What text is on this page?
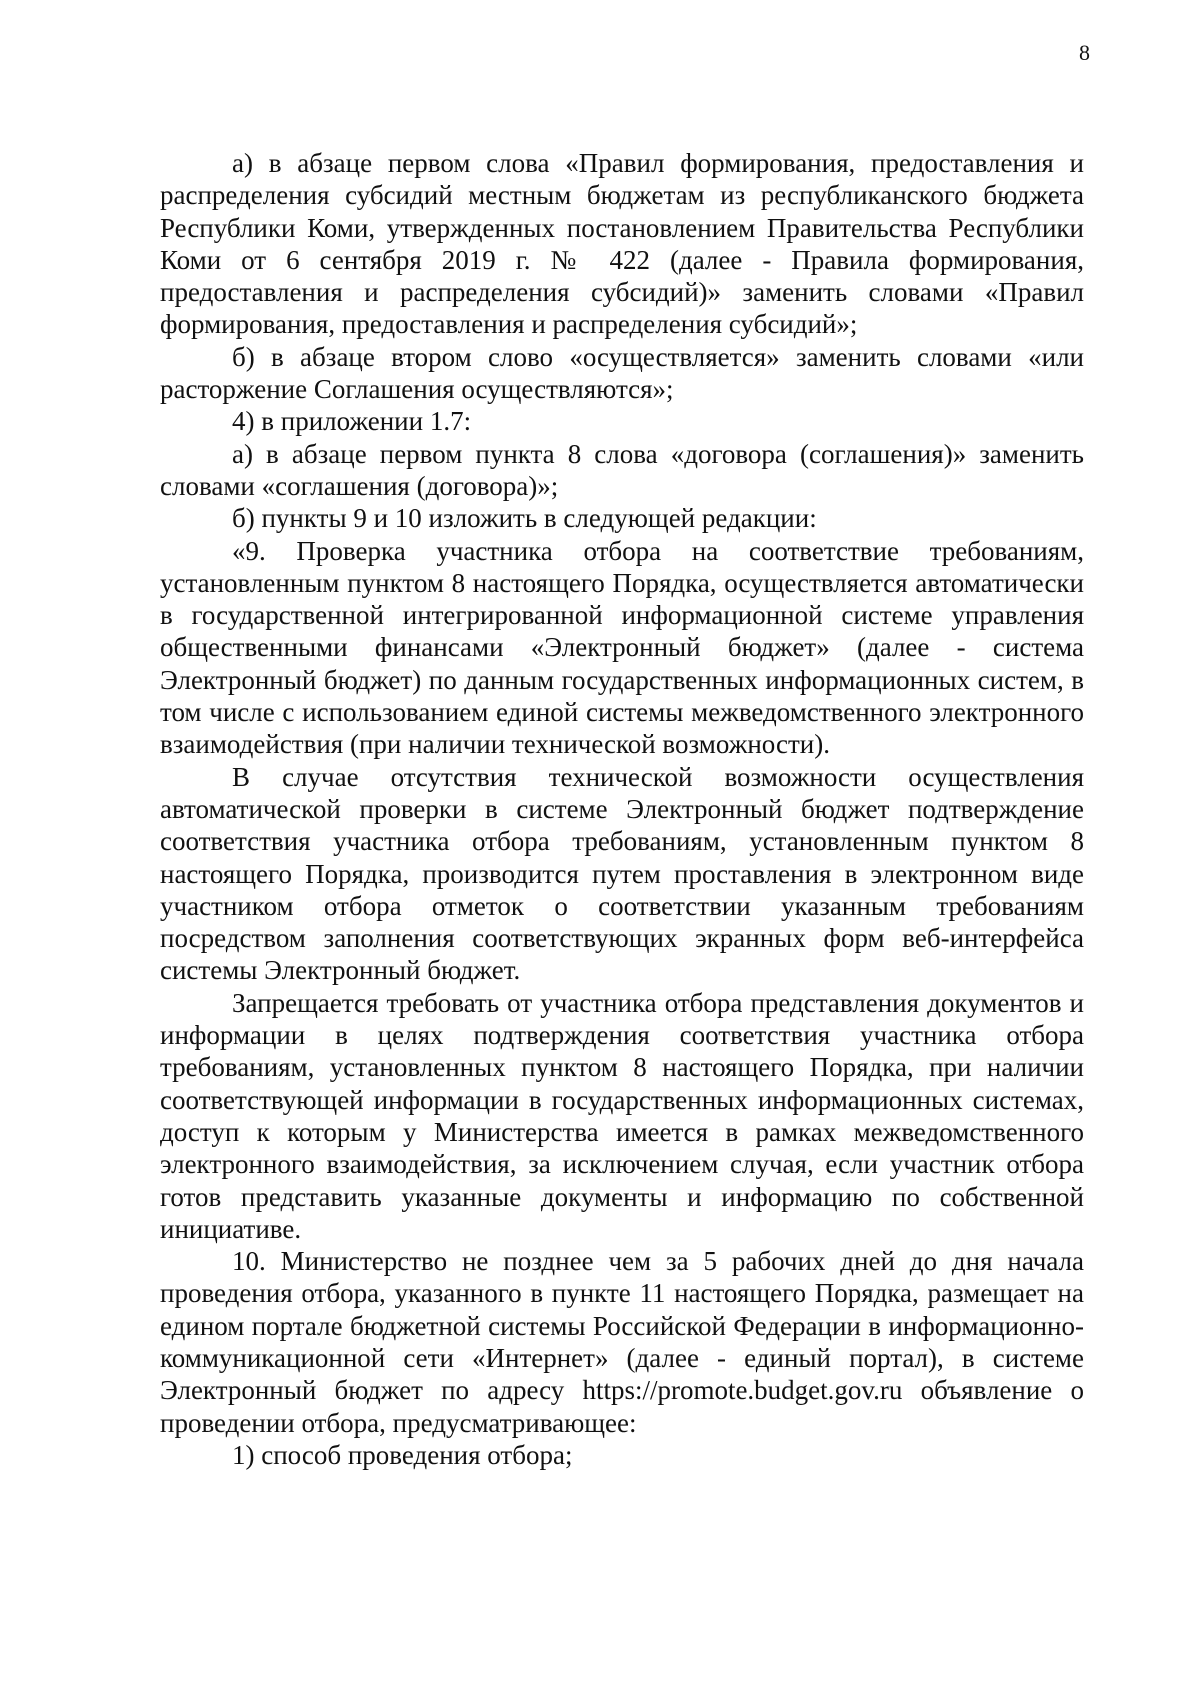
8

а) в абзаце первом слова «Правил формирования, предоставления и распределения субсидий местным бюджетам из республиканского бюджета Республики Коми, утвержденных постановлением Правительства Республики Коми от 6 сентября 2019 г. № 422 (далее - Правила формирования, предоставления и распределения субсидий)» заменить словами «Правил формирования, предоставления и распределения субсидий»;

б) в абзаце втором слово «осуществляется» заменить словами «или расторжение Соглашения осуществляются»;

4) в приложении 1.7:

а) в абзаце первом пункта 8 слова «договора (соглашения)» заменить словами «соглашения (договора)»;

б) пункты 9 и 10 изложить в следующей редакции:

«9. Проверка участника отбора на соответствие требованиям, установленным пунктом 8 настоящего Порядка, осуществляется автоматически в государственной интегрированной информационной системе управления общественными финансами «Электронный бюджет» (далее - система Электронный бюджет) по данным государственных информационных систем, в том числе с использованием единой системы межведомственного электронного взаимодействия (при наличии технической возможности).

В случае отсутствия технической возможности осуществления автоматической проверки в системе Электронный бюджет подтверждение соответствия участника отбора требованиям, установленным пунктом 8 настоящего Порядка, производится путем проставления в электронном виде участником отбора отметок о соответствии указанным требованиям посредством заполнения соответствующих экранных форм веб-интерфейса системы Электронный бюджет.

Запрещается требовать от участника отбора представления документов и информации в целях подтверждения соответствия участника отбора требованиям, установленных пунктом 8 настоящего Порядка, при наличии соответствующей информации в государственных информационных системах, доступ к которым у Министерства имеется в рамках межведомственного электронного взаимодействия, за исключением случая, если участник отбора готов представить указанные документы и информацию по собственной инициативе.

10. Министерство не позднее чем за 5 рабочих дней до дня начала проведения отбора, указанного в пункте 11 настоящего Порядка, размещает на едином портале бюджетной системы Российской Федерации в информационно-коммуникационной сети «Интернет» (далее - единый портал), в системе Электронный бюджет по адресу https://promote.budget.gov.ru объявление о проведении отбора, предусматривающее:

1) способ проведения отбора;
